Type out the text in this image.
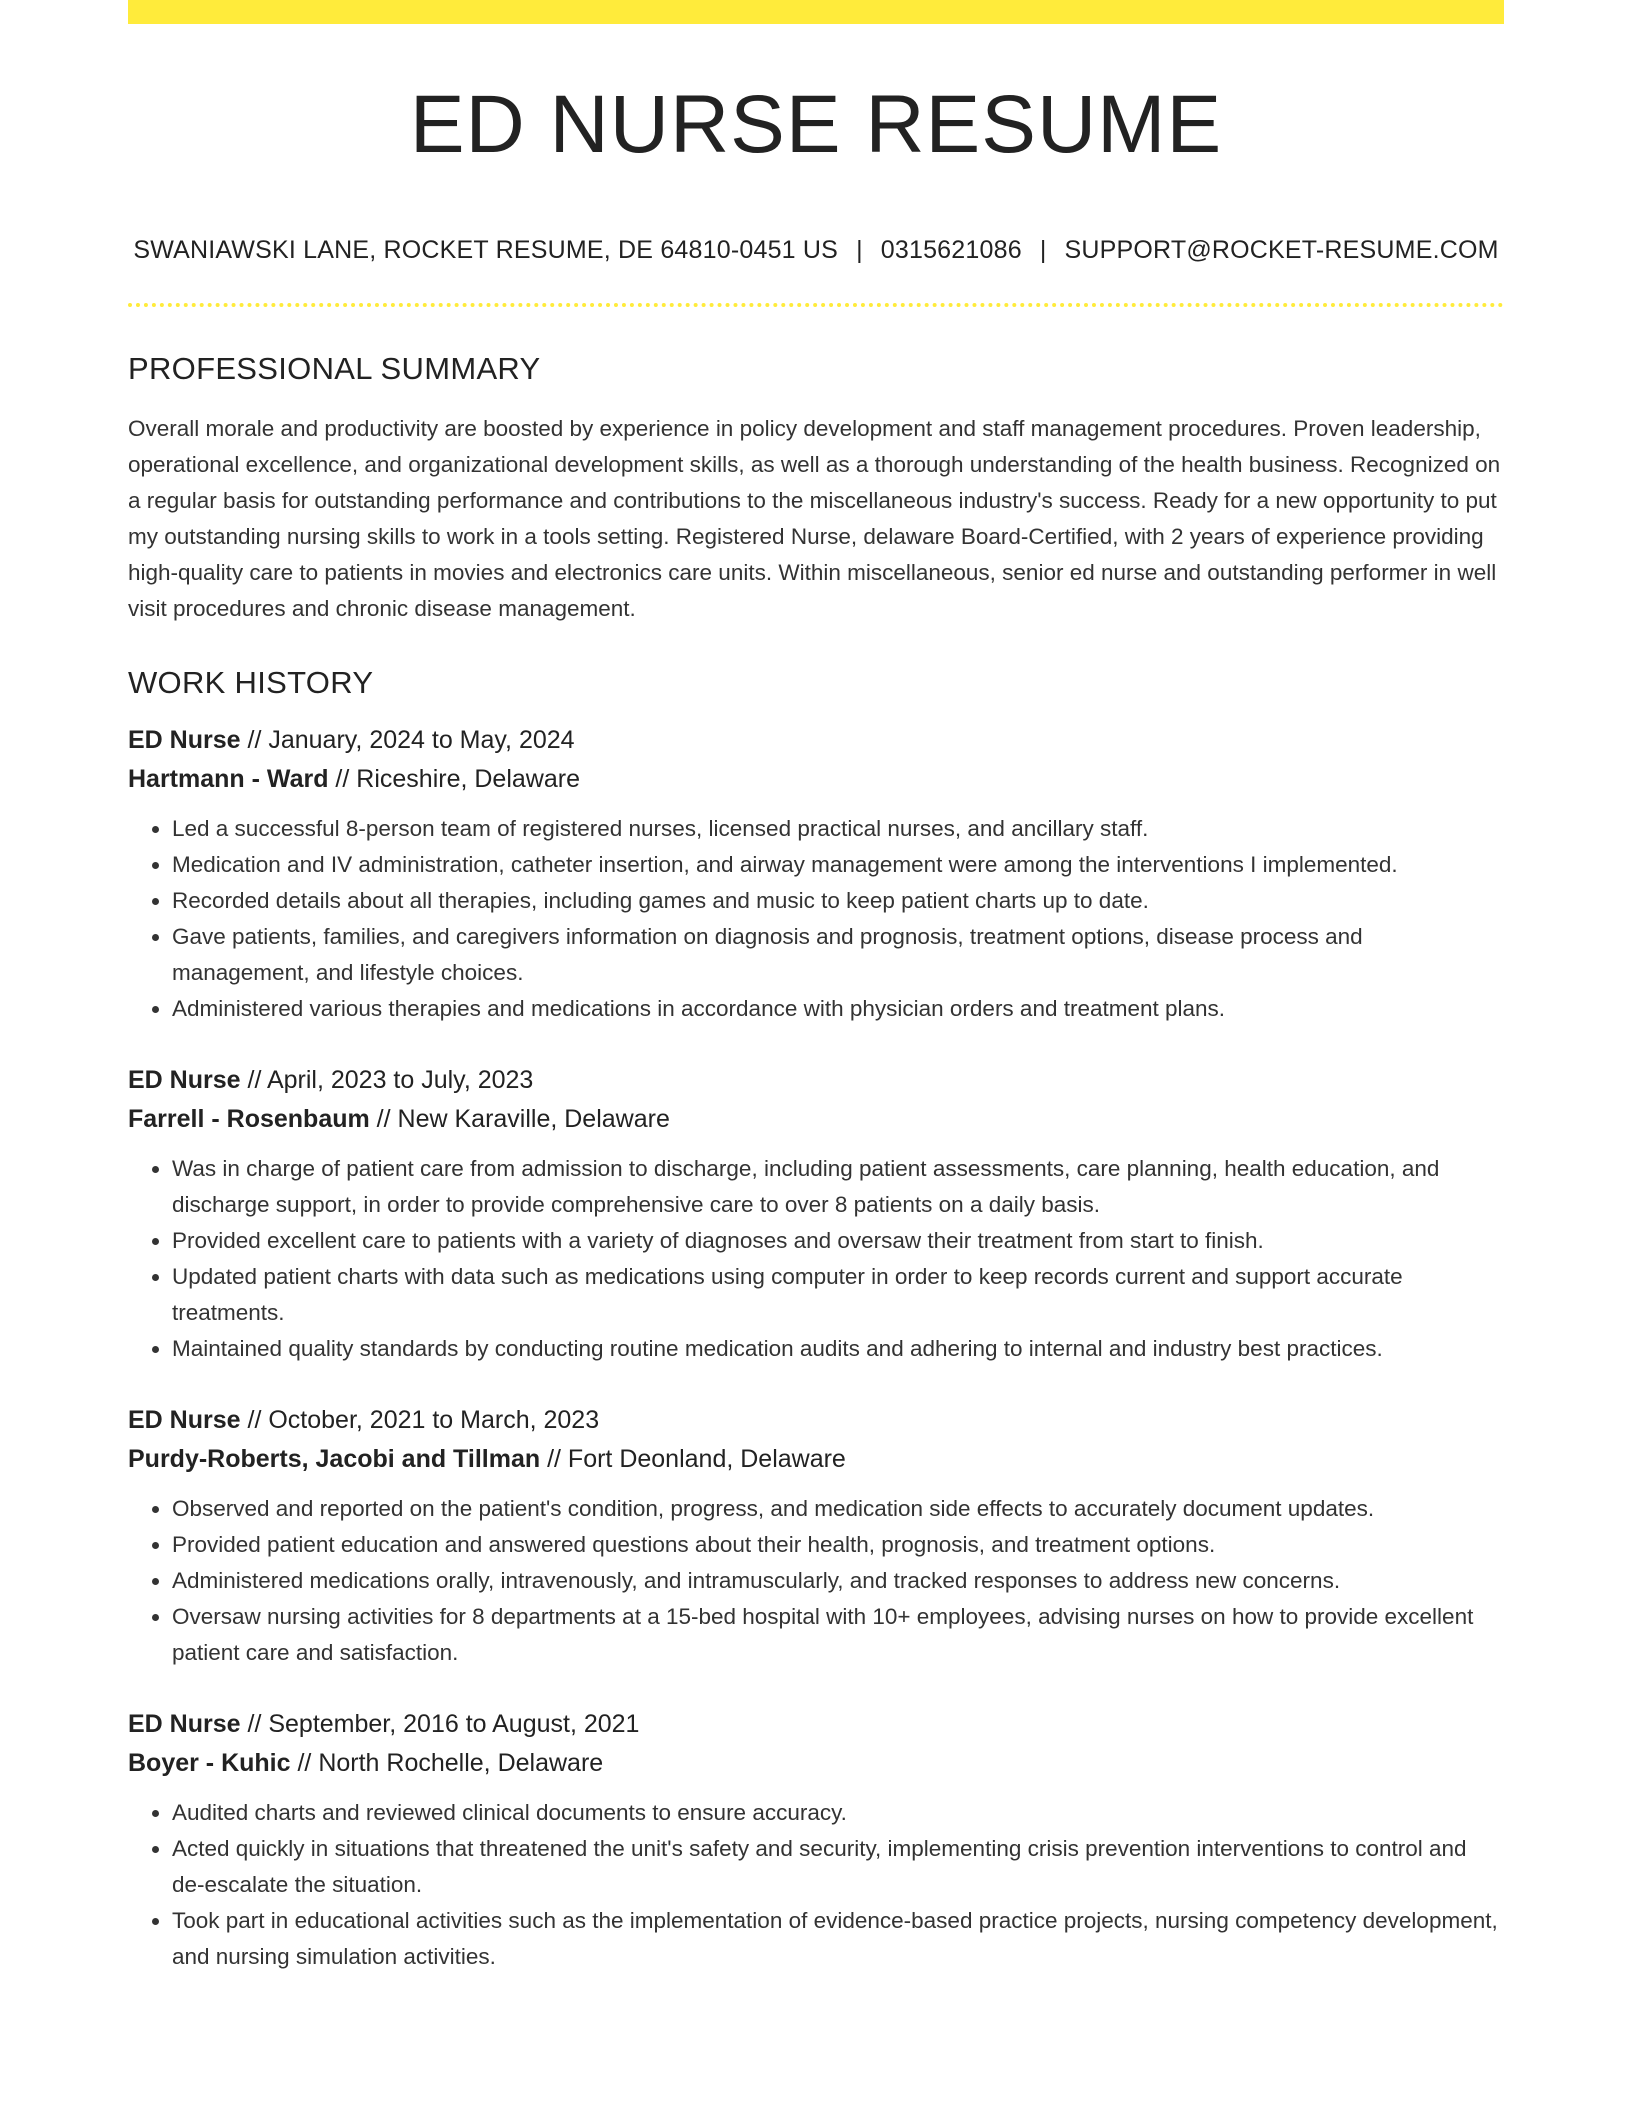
ED NURSE RESUME
SWANIAWSKI LANE, ROCKET RESUME, DE 64810-0451 US | 0315621086 | SUPPORT@ROCKET-RESUME.COM
PROFESSIONAL SUMMARY

Overall morale and productivity are boosted by experience in policy development and staff management procedures. Proven leadership, operational excellence, and organizational development skills, as well as a thorough understanding of the health business. Recognized on a regular basis for outstanding performance and contributions to the miscellaneous industry's success. Ready for a new opportunity to put my outstanding nursing skills to work in a tools setting. Registered Nurse, delaware Board-Certified, with 2 years of experience providing high-quality care to patients in movies and electronics care units. Within miscellaneous, senior ed nurse and outstanding performer in well visit procedures and chronic disease management.

WORK HISTORY
ED Nurse // January, 2024 to May, 2024
Hartmann - Ward // Riceshire, Delaware
• Led a successful 8-person team of registered nurses, licensed practical nurses, and ancillary staff.
• Medication and IV administration, catheter insertion, and airway management were among the interventions I implemented.
• Recorded details about all therapies, including games and music to keep patient charts up to date.
• Gave patients, families, and caregivers information on diagnosis and prognosis, treatment options, disease process and management, and lifestyle choices.
• Administered various therapies and medications in accordance with physician orders and treatment plans.
ED Nurse // April, 2023 to July, 2023
Farrell - Rosenbaum // New Karaville, Delaware
• Was in charge of patient care from admission to discharge, including patient assessments, care planning, health education, and discharge support, in order to provide comprehensive care to over 8 patients on a daily basis.
• Provided excellent care to patients with a variety of diagnoses and oversaw their treatment from start to finish.
• Updated patient charts with data such as medications using computer in order to keep records current and support accurate treatments.
• Maintained quality standards by conducting routine medication audits and adhering to internal and industry best practices.
ED Nurse // October, 2021 to March, 2023
Purdy-Roberts, Jacobi and Tillman // Fort Deonland, Delaware
• Observed and reported on the patient's condition, progress, and medication side effects to accurately document updates.
• Provided patient education and answered questions about their health, prognosis, and treatment options.
• Administered medications orally, intravenously, and intramuscularly, and tracked responses to address new concerns.
• Oversaw nursing activities for 8 departments at a 15-bed hospital with 10+ employees, advising nurses on how to provide excellent patient care and satisfaction.
ED Nurse // September, 2016 to August, 2021
Boyer - Kuhic // North Rochelle, Delaware
• Audited charts and reviewed clinical documents to ensure accuracy.
• Acted quickly in situations that threatened the unit's safety and security, implementing crisis prevention interventions to control and de-escalate the situation.
• Took part in educational activities such as the implementation of evidence-based practice projects, nursing competency development, and nursing simulation activities.
